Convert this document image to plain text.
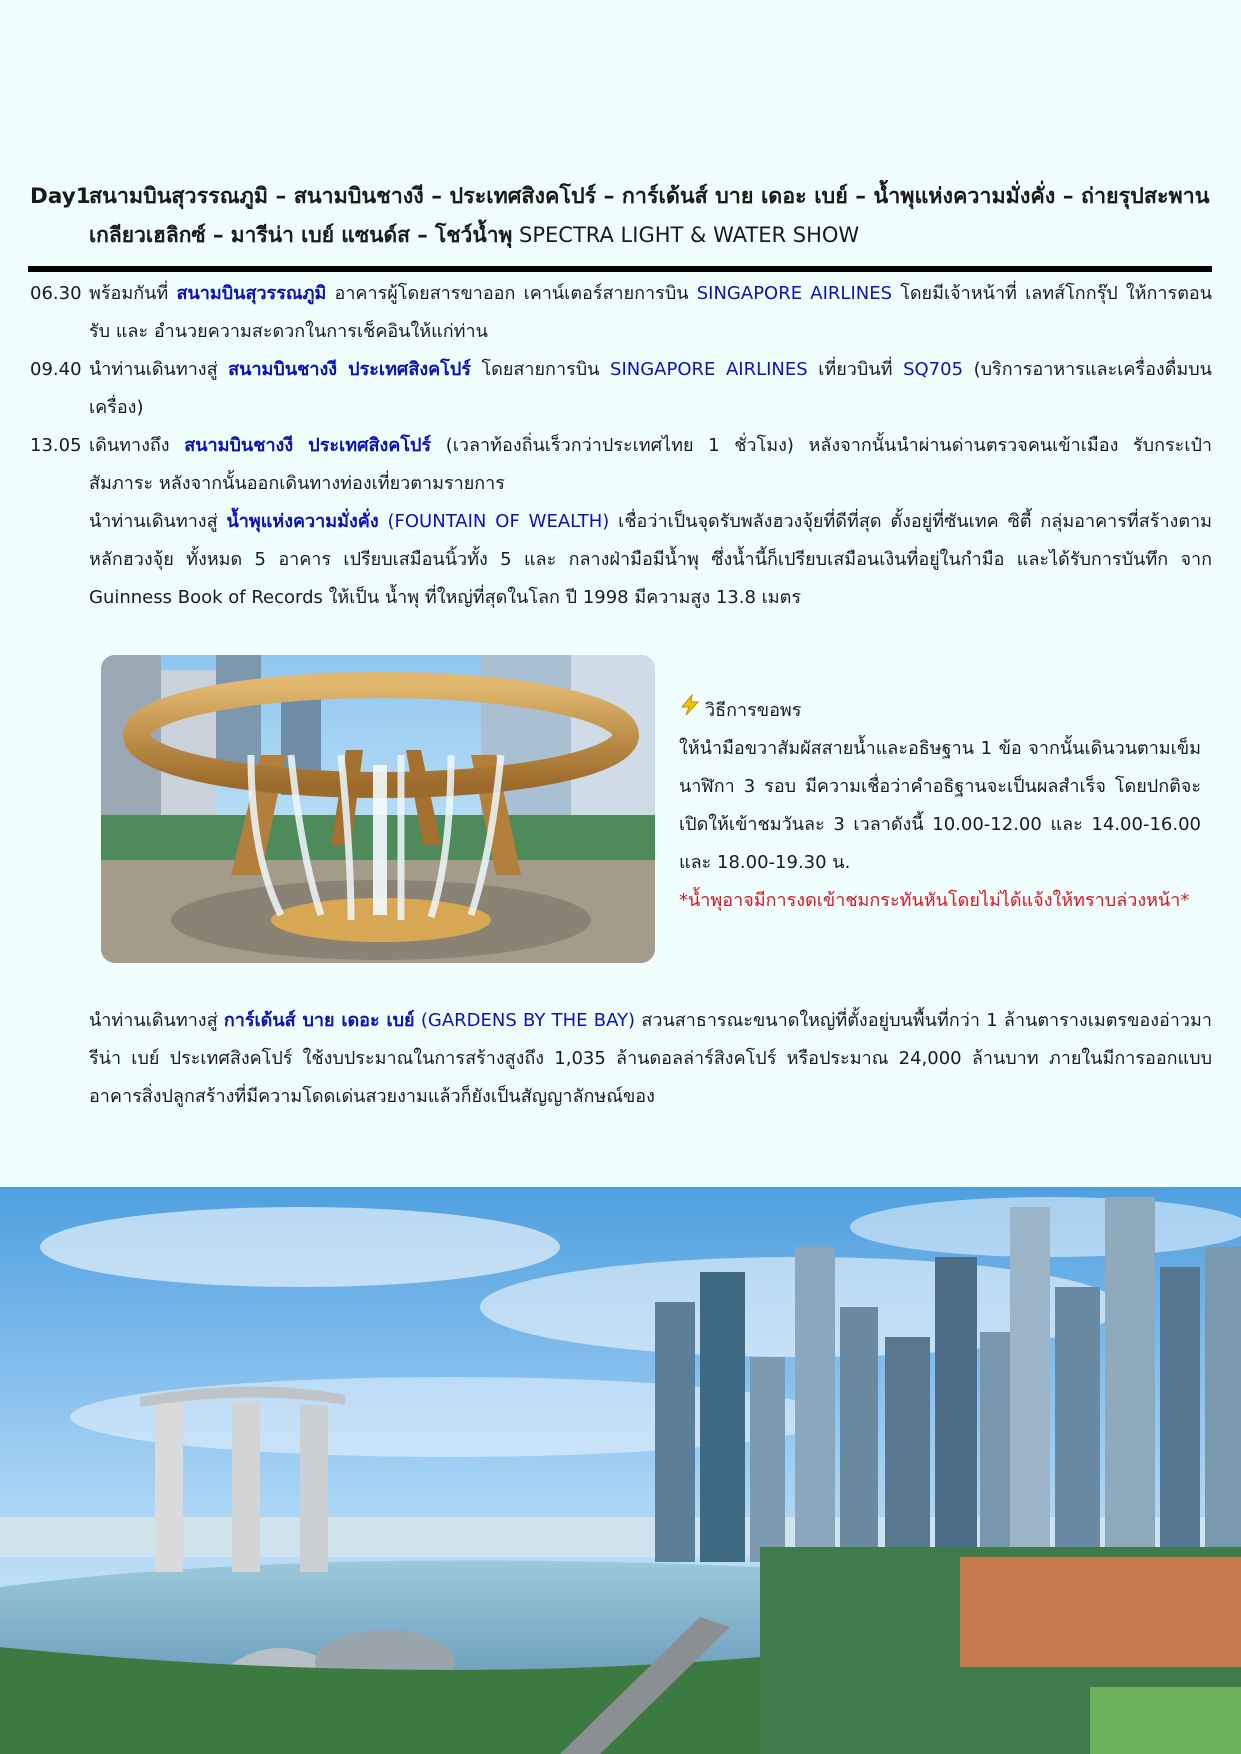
Day1สนามบินสุวรรณภูมิ – สนามบินชางงี – ประเทศสิงคโปร์ – การ์เด้นส์ บาย เดอะ เบย์ – น้ำพุแห่งความมั่งคั่ง – ถ่ายรุปสะพาน
เกลียวเฮลิกซ์ – มารีน่า เบย์ แซนด์ส – โชว์น้ำพุ SPECTRA LIGHT & WATER SHOW
06.30 พร้อมกันที่ สนามบินสุวรรณภูมิ อาคารผู้โดยสารขาออก เคาน์เตอร์สายการบิน SINGAPORE AIRLINES โดยมีเจ้าหน้าที่ เลทส์โกกรุ๊ป ให้การตอนรับ และ อำนวยความสะดวกในการเช็คอินให้แก่ท่าน
09.40 นำท่านเดินทางสู่ สนามบินชางงี ประเทศสิงคโปร์ โดยสายการบิน SINGAPORE AIRLINES เที่ยวบินที่ SQ705 (บริการอาหารและเครื่องดื่มบนเครื่อง)
13.05 เดินทางถึง สนามบินชางงี ประเทศสิงคโปร์ (เวลาท้องถิ่นเร็วกว่าประเทศไทย 1 ชั่วโมง) หลังจากนั้นนำผ่านด่านตรวจคนเข้าเมือง รับกระเป๋าสัมภาระ หลังจากนั้นออกเดินทางท่องเที่ยวตามรายการ
นำท่านเดินทางสู่ น้ำพุแห่งความมั่งคั่ง (FOUNTAIN OF WEALTH) เชื่อว่าเป็นจุดรับพลังฮวงจุ้ยที่ดีที่สุด ตั้งอยู่ที่ซันเทค ซิตี้ กลุ่มอาคารที่สร้างตามหลักฮวงจุ้ย ทั้งหมด 5 อาคาร เปรียบเสมือนนิ้วทั้ง 5 และ กลางฝ่ามือมีน้ำพุ ซึ่งน้ำนี้ก็เปรียบเสมือนเงินที่อยู่ในกำมือ และได้รับการบันทึก จาก Guinness Book of Records ให้เป็น น้ำพุ ที่ใหญ่ที่สุดในโลก ปี 1998 มีความสูง 13.8 เมตร
วิธีการขอพร
ให้นำมือขวาสัมผัสสายน้ำและอธิษฐาน 1 ข้อ จากนั้นเดินวนตามเข็มนาฬิกา 3 รอบ มีความเชื่อว่าคำอธิฐานจะเป็นผลสำเร็จ โดยปกติจะเปิดให้เข้าชมวันละ 3 เวลาดังนี้ 10.00-12.00 และ 14.00-16.00 และ 18.00-19.30 น.
*น้ำพุอาจมีการงดเข้าชมกระทันหันโดยไม่ได้แจ้งให้ทราบล่วงหน้า*
นำท่านเดินทางสู่ การ์เด้นส์ บาย เดอะ เบย์ (GARDENS BY THE BAY) สวนสาธารณะขนาดใหญ่ที่ตั้งอยู่บนพื้นที่กว่า 1 ล้านตารางเมตรของอ่าวมารีน่า เบย์ ประเทศสิงคโปร์ ใช้งบประมาณในการสร้างสูงถึง 1,035 ล้านดอลล่าร์สิงคโปร์ หรือประมาณ 24,000 ล้านบาท ภายในมีการออกแบบอาคารสิ่งปลูกสร้างที่มีความโดดเด่นสวยงามแล้วก็ยังเป็นสัญญาลักษณ์ของ
